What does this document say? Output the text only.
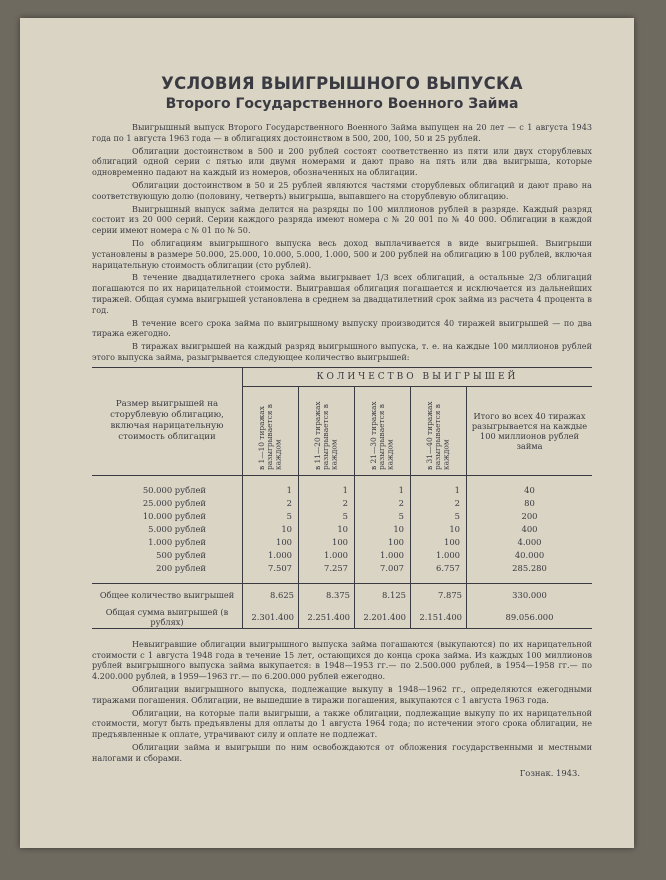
УСЛОВИЯ ВЫИГРЫШНОГО ВЫПУСКА
Второго Государственного Военного Займа

Выигрышный выпуск Второго Государственного Военного Займа выпущен на 20 лет — с 1 августа 1943 года по 1 августа 1963 года — в облигациях достоинством в 500, 200, 100, 50 и 25 рублей.

Облигации достоинством в 500 и 200 рублей состоят соответственно из пяти или двух сторублевых облигаций одной серии с пятью или двумя номерами и дают право на пять или два выигрыша, которые одновременно падают на каждый из номеров, обозначенных на облигации.

Облигации достоинством в 50 и 25 рублей являются частями сторублевых облигаций и дают право на соответствующую долю (половину, четверть) выигрыша, выпавшего на сторублевую облигацию.

Выигрышный выпуск займа делится на разряды по 100 миллионов рублей в разряде. Каждый разряд состоит из 20 000 серий. Серии каждого разряда имеют номера с № 20 001 по № 40 000. Облигации в каждой серии имеют номера с № 01 по № 50.

По облигациям выигрышного выпуска весь доход выплачивается в виде выигрышей. Выигрыши установлены в размере 50.000, 25.000, 10.000, 5.000, 1.000, 500 и 200 рублей на облигацию в 100 рублей, включая нарицательную стоимость облигации (сто рублей).

В течение двадцатилетнего срока займа выигрывает 1/3 всех облигаций, а остальные 2/3 облигаций погашаются по их нарицательной стоимости. Выигравшая облигация погашается и исключается из дальнейших тиражей. Общая сумма выигрышей установлена в среднем за двадцатилетний срок займа из расчета 4 процента в год.

В течение всего срока займа по выигрышному выпуску производится 40 тиражей выигрышей — по два тиража ежегодно.

В тиражах выигрышей на каждый разряд выигрышного выпуска, т. е. на каждые 100 миллионов рублей этого выпуска займа, разыгрывается следующее количество выигрышей:

Размер выигрышей на сторублевую облигацию, включая нарицательную стоимость облигации	КОЛИЧЕСТВО ВЫИГРЫШЕЙ				
	в 1—10 тиражах разыгрывается в каждом	в 11—20 тиражах разыгрывается в каждом	в 21—30 тиражах разыгрывается в каждом	в 31—40 тиражах разыгрывается в каждом	Итого во всех 40 тиражах разыгрывается на каждые 100 миллионов рублей займа

50.000 рублей	1	1	1	1	40
25.000 рублей	2	2	2	2	80
10.000 рублей	5	5	5	5	200
5.000 рублей	10	10	10	10	400
1.000 рублей	100	100	100	100	4.000
500 рублей	1.000	1.000	1.000	1.000	40.000
200 рублей	7.507	7.257	7.007	6.757	285.280

Общее количество выигрышей	8.625	8.375	8.125	7.875	330.000
Общая сумма выигрышей (в рублях)	2.301.400	2.251.400	2.201.400	2.151.400	89.056.000

Невыигравшие облигации выигрышного выпуска займа погашаются (выкупаются) по их нарицательной стоимости с 1 августа 1948 года в течение 15 лет, остающихся до конца срока займа. Из каждых 100 миллионов рублей выигрышного выпуска займа выкупается: в 1948—1953 гг.— по 2.500.000 рублей, в 1954—1958 гг.— по 4.200.000 рублей, в 1959—1963 гг.— по 6.200.000 рублей ежегодно.

Облигации выигрышного выпуска, подлежащие выкупу в 1948—1962 гг., определяются ежегодными тиражами погашения. Облигации, не вышедшие в тиражи погашения, выкупаются с 1 августа 1963 года.

Облигации, на которые пали выигрыши, а также облигации, подлежащие выкупу по их нарицательной стоимости, могут быть предъявлены для оплаты до 1 августа 1964 года; по истечении этого срока облигации, не предъявленные к оплате, утрачивают силу и оплате не подлежат.

Облигации займа и выигрыши по ним освобождаются от обложения государственными и местными налогами и сборами.

Гознак. 1943.
